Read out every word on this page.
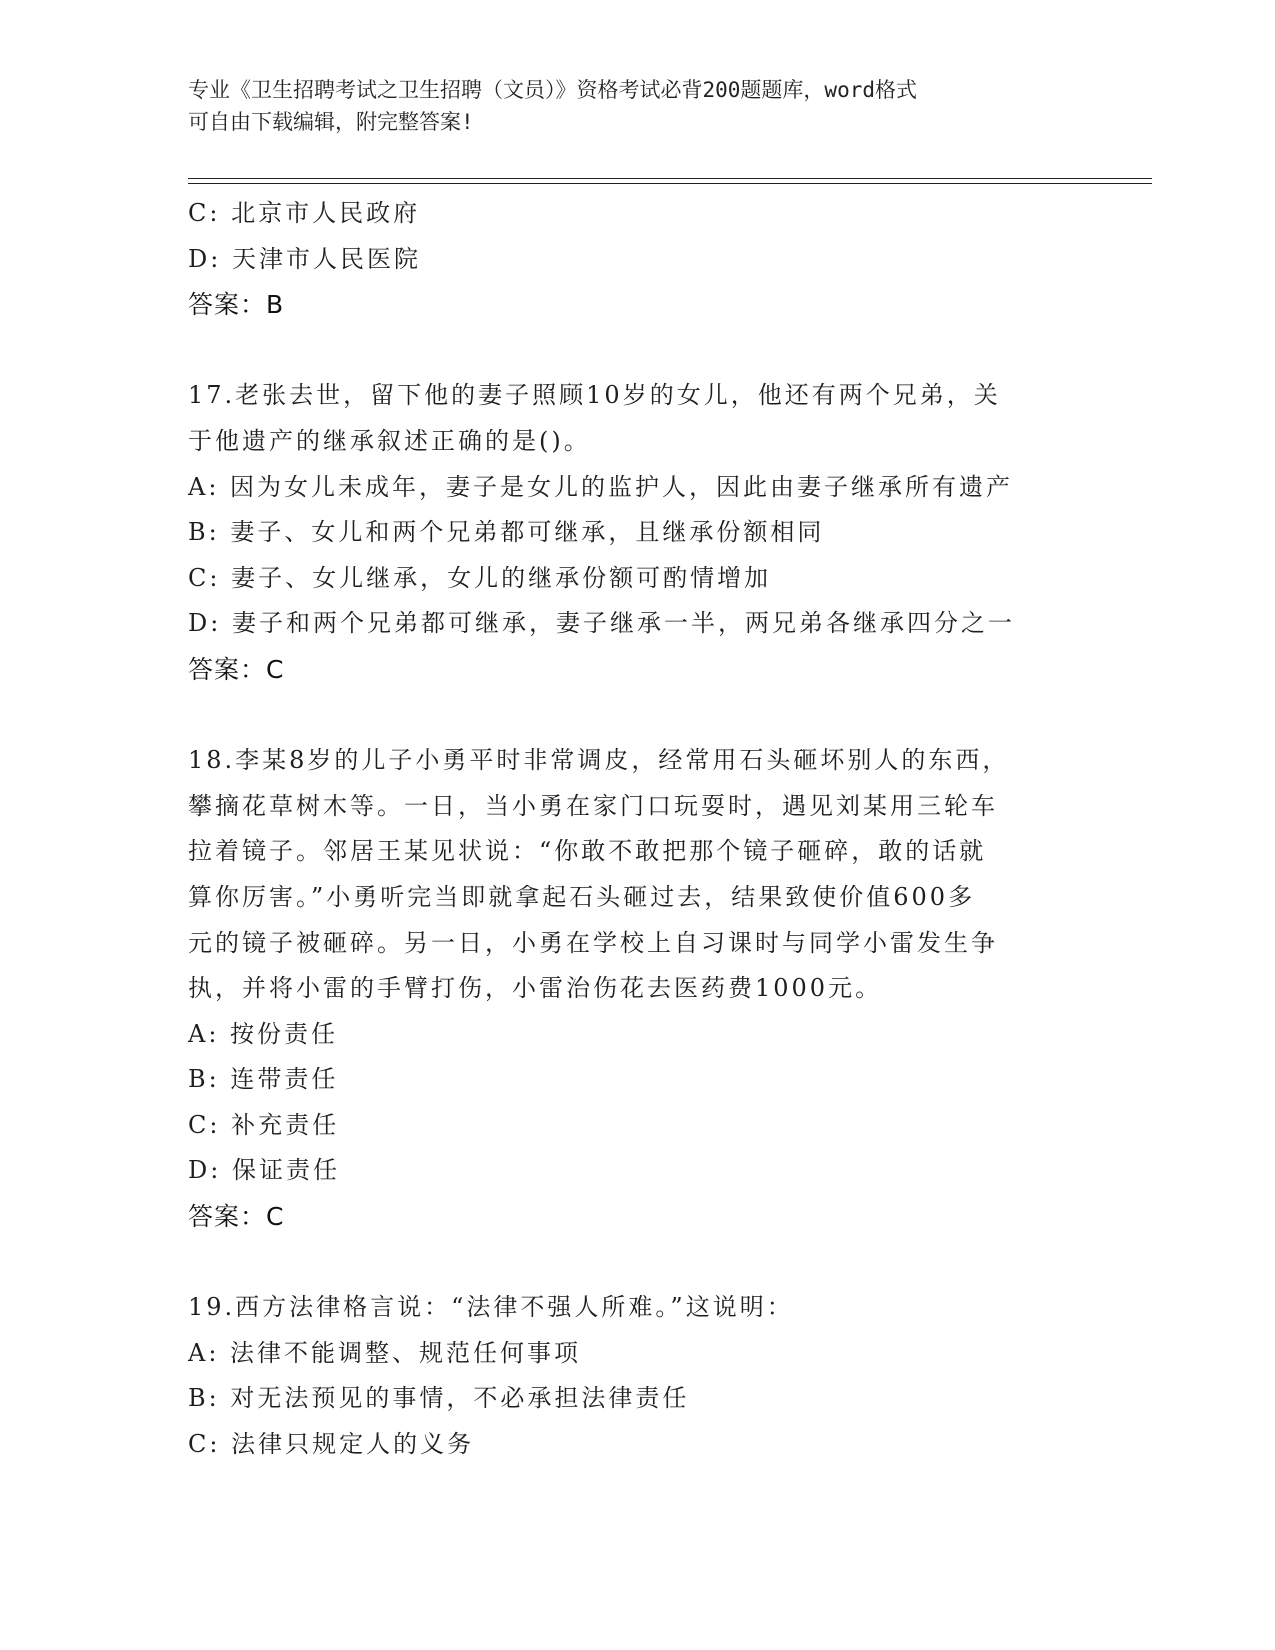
专业《卫生招聘考试之卫生招聘（文员）》资格考试必背200题题库，word格式
可自由下载编辑，附完整答案!
C: 北京市人民政府
D: 天津市人民医院
答案：B
17.老张去世，留下他的妻子照顾10岁的女儿，他还有两个兄弟，关
于他遗产的继承叙述正确的是()。
A: 因为女儿未成年，妻子是女儿的监护人，因此由妻子继承所有遗产
B: 妻子、女儿和两个兄弟都可继承，且继承份额相同
C: 妻子、女儿继承，女儿的继承份额可酌情增加
D: 妻子和两个兄弟都可继承，妻子继承一半，两兄弟各继承四分之一
答案：C
18.李某8岁的儿子小勇平时非常调皮，经常用石头砸坏别人的东西，
攀摘花草树木等。一日，当小勇在家门口玩耍时，遇见刘某用三轮车
拉着镜子。邻居王某见状说：“你敢不敢把那个镜子砸碎，敢的话就
算你厉害。”小勇听完当即就拿起石头砸过去，结果致使价值600多
元的镜子被砸碎。另一日，小勇在学校上自习课时与同学小雷发生争
执，并将小雷的手臂打伤，小雷治伤花去医药费1000元。
A: 按份责任
B: 连带责任
C: 补充责任
D: 保证责任
答案：C
19.西方法律格言说：“法律不强人所难。”这说明：
A: 法律不能调整、规范任何事项
B: 对无法预见的事情，不必承担法律责任
C: 法律只规定人的义务
